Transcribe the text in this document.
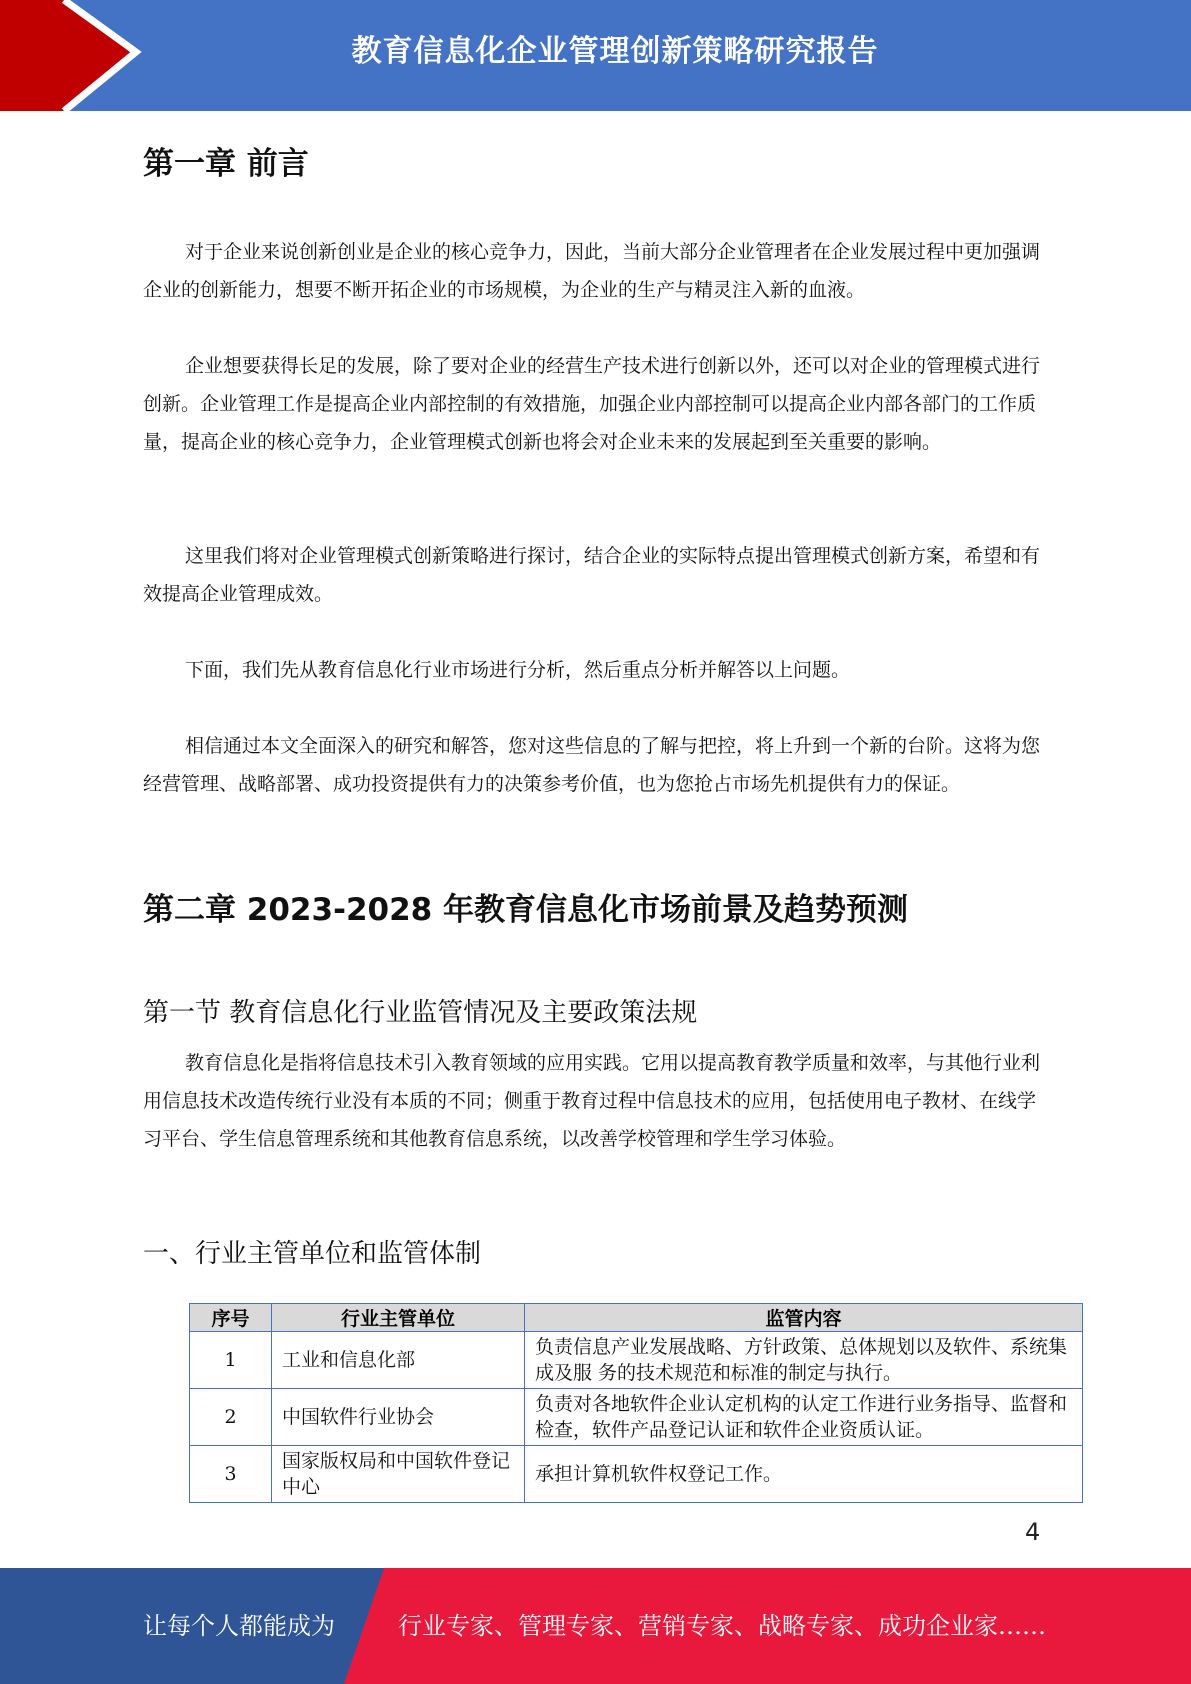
教育信息化企业管理创新策略研究报告
第一章 前言

对于企业来说创新创业是企业的核心竞争力，因此，当前大部分企业管理者在企业发展过程中更加强调企业的创新能力，想要不断开拓企业的市场规模，为企业的生产与精灵注入新的血液。

企业想要获得长足的发展，除了要对企业的经营生产技术进行创新以外，还可以对企业的管理模式进行创新。企业管理工作是提高企业内部控制的有效措施，加强企业内部控制可以提高企业内部各部门的工作质量，提高企业的核心竞争力，企业管理模式创新也将会对企业未来的发展起到至关重要的影响。

这里我们将对企业管理模式创新策略进行探讨，结合企业的实际特点提出管理模式创新方案，希望和有效提高企业管理成效。

下面，我们先从教育信息化行业市场进行分析，然后重点分析并解答以上问题。

相信通过本文全面深入的研究和解答，您对这些信息的了解与把控，将上升到一个新的台阶。这将为您经营管理、战略部署、成功投资提供有力的决策参考价值，也为您抢占市场先机提供有力的保证。

第二章 2023-2028 年教育信息化市场前景及趋势预测
第一节 教育信息化行业监管情况及主要政策法规

教育信息化是指将信息技术引入教育领域的应用实践。它用以提高教育教学质量和效率，与其他行业利用信息技术改造传统行业没有本质的不同；侧重于教育过程中信息技术的应用，包括使用电子教材、在线学习平台、学生信息管理系统和其他教育信息系统，以改善学校管理和学生学习体验。

一、行业主管单位和监管体制
序号	行业主管单位	监管内容
1	工业和信息化部	负责信息产业发展战略、方针政策、总体规划以及软件、系统集成及服 务的技术规范和标准的制定与执行。
2	中国软件行业协会	负责对各地软件企业认定机构的认定工作进行业务指导、监督和检查，软件产品登记认证和软件企业资质认证。
3	国家版权局和中国软件登记中心	承担计算机软件权登记工作。
4
让每个人都能成为	行业专家、管理专家、营销专家、战略专家、成功企业家……
